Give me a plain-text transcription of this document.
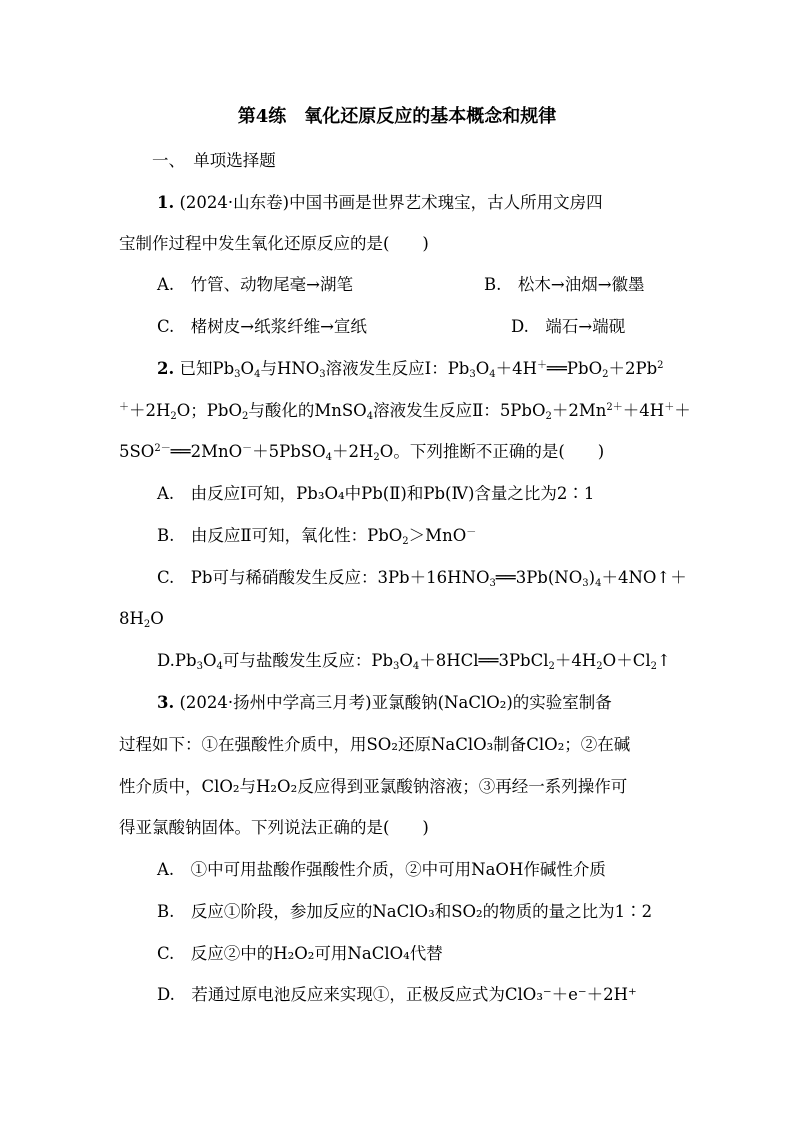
第4练　氧化还原反应的基本概念和规律
一、　单项选择题
1. (2024·山东卷)中国书画是世界艺术瑰宝，古人所用文房四
宝制作过程中发生氧化还原反应的是(　　)
A.　竹管、动物尾毫→湖笔	B.　松木→油烟→徽墨
C.　楮树皮→纸浆纤维→宣纸	D.　端石→端砚
2. 已知$Pb_3O_4$与$HNO_3$溶液发生反应Ⅰ：$Pb_3O_4+4H^+══PbO_2+2Pb^2$
$^++2H_2O$；PbO$_2$与酸化的MnSO$_4$溶液发生反应Ⅱ：$5PbO_2+2Mn^{2+}+4H^++$
$5SO^{2-}══2MnO^-+5PbSO_4+2H_2O$。下列推断不正确的是(　　)
A.　由反应Ⅰ可知，Pb₃O₄中Pb(Ⅱ)和Pb(Ⅳ)含量之比为2∶1
B.　由反应Ⅱ可知，氧化性：PbO$_2$＞MnO－
C.　Pb可与稀硝酸发生反应：$3Pb+16HNO_3══3Pb(NO_3)_4+4NO↑+$
$8H_2O$
$D.Pb_3O_4$可与盐酸发生反应：$Pb_3O_4+8HCl══3PbCl_2+4H_2O+Cl_2↑$
3. (2024·扬州中学高三月考)亚氯酸钠(NaClO₂)的实验室制备
过程如下：①在强酸性介质中，用SO₂还原NaClO₃制备ClO₂；②在碱
性介质中，ClO₂与H₂O₂反应得到亚氯酸钠溶液；③再经一系列操作可
得亚氯酸钠固体。下列说法正确的是(　　)
A.　①中可用盐酸作强酸性介质，②中可用NaOH作碱性介质
B.　反应①阶段，参加反应的NaClO₃和SO₂的物质的量之比为1∶2
C.　反应②中的H₂O₂可用NaClO₄代替
D.　若通过原电池反应来实现①，正极反应式为ClO₃⁻＋e⁻＋2H⁺
